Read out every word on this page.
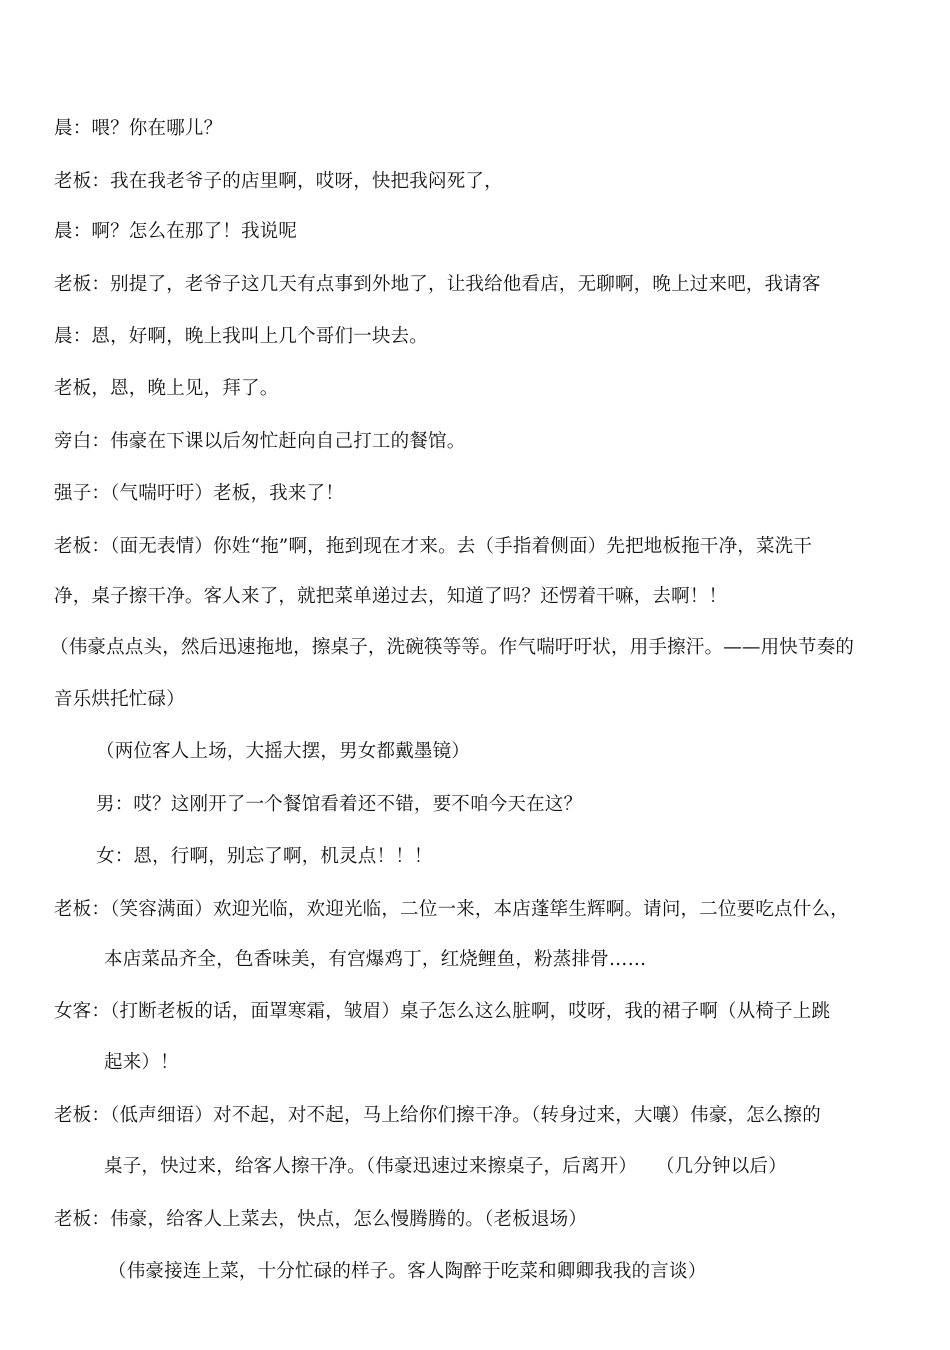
晨：喂？你在哪儿？
老板：我在我老爷子的店里啊，哎呀，快把我闷死了，
晨：啊？怎么在那了！我说呢
老板：别提了，老爷子这几天有点事到外地了，让我给他看店，无聊啊，晚上过来吧，我请客
晨：恩，好啊，晚上我叫上几个哥们一块去。
老板，恩，晚上见，拜了。
旁白：伟豪在下课以后匆忙赶向自己打工的餐馆。
强子：（气喘吁吁）老板，我来了！
老板：（面无表情）你姓“拖”啊，拖到现在才来。去（手指着侧面）先把地板拖干净，菜洗干
净，桌子擦干净。客人来了，就把菜单递过去，知道了吗？还愣着干嘛，去啊！！
（伟豪点点头，然后迅速拖地，擦桌子，洗碗筷等等。作气喘吁吁状，用手擦汗。——用快节奏的
音乐烘托忙碌）
（两位客人上场，大摇大摆，男女都戴墨镜）
男：哎？这刚开了一个餐馆看着还不错，要不咱今天在这？
女：恩，行啊，别忘了啊，机灵点！！！
老板：（笑容满面）欢迎光临，欢迎光临，二位一来，本店蓬筚生辉啊。请问，二位要吃点什么，
本店菜品齐全，色香味美，有宫爆鸡丁，红烧鲤鱼，粉蒸排骨……
女客：（打断老板的话，面罩寒霜，皱眉）桌子怎么这么脏啊，哎呀，我的裙子啊（从椅子上跳
起来）！
老板：（低声细语）对不起，对不起，马上给你们擦干净。（转身过来，大嚷）伟豪，怎么擦的
桌子，快过来，给客人擦干净。（伟豪迅速过来擦桌子，后离开）　　（几分钟以后）
老板：伟豪，给客人上菜去，快点，怎么慢腾腾的。（老板退场）
（伟豪接连上菜，十分忙碌的样子。客人陶醉于吃菜和卿卿我我的言谈）
